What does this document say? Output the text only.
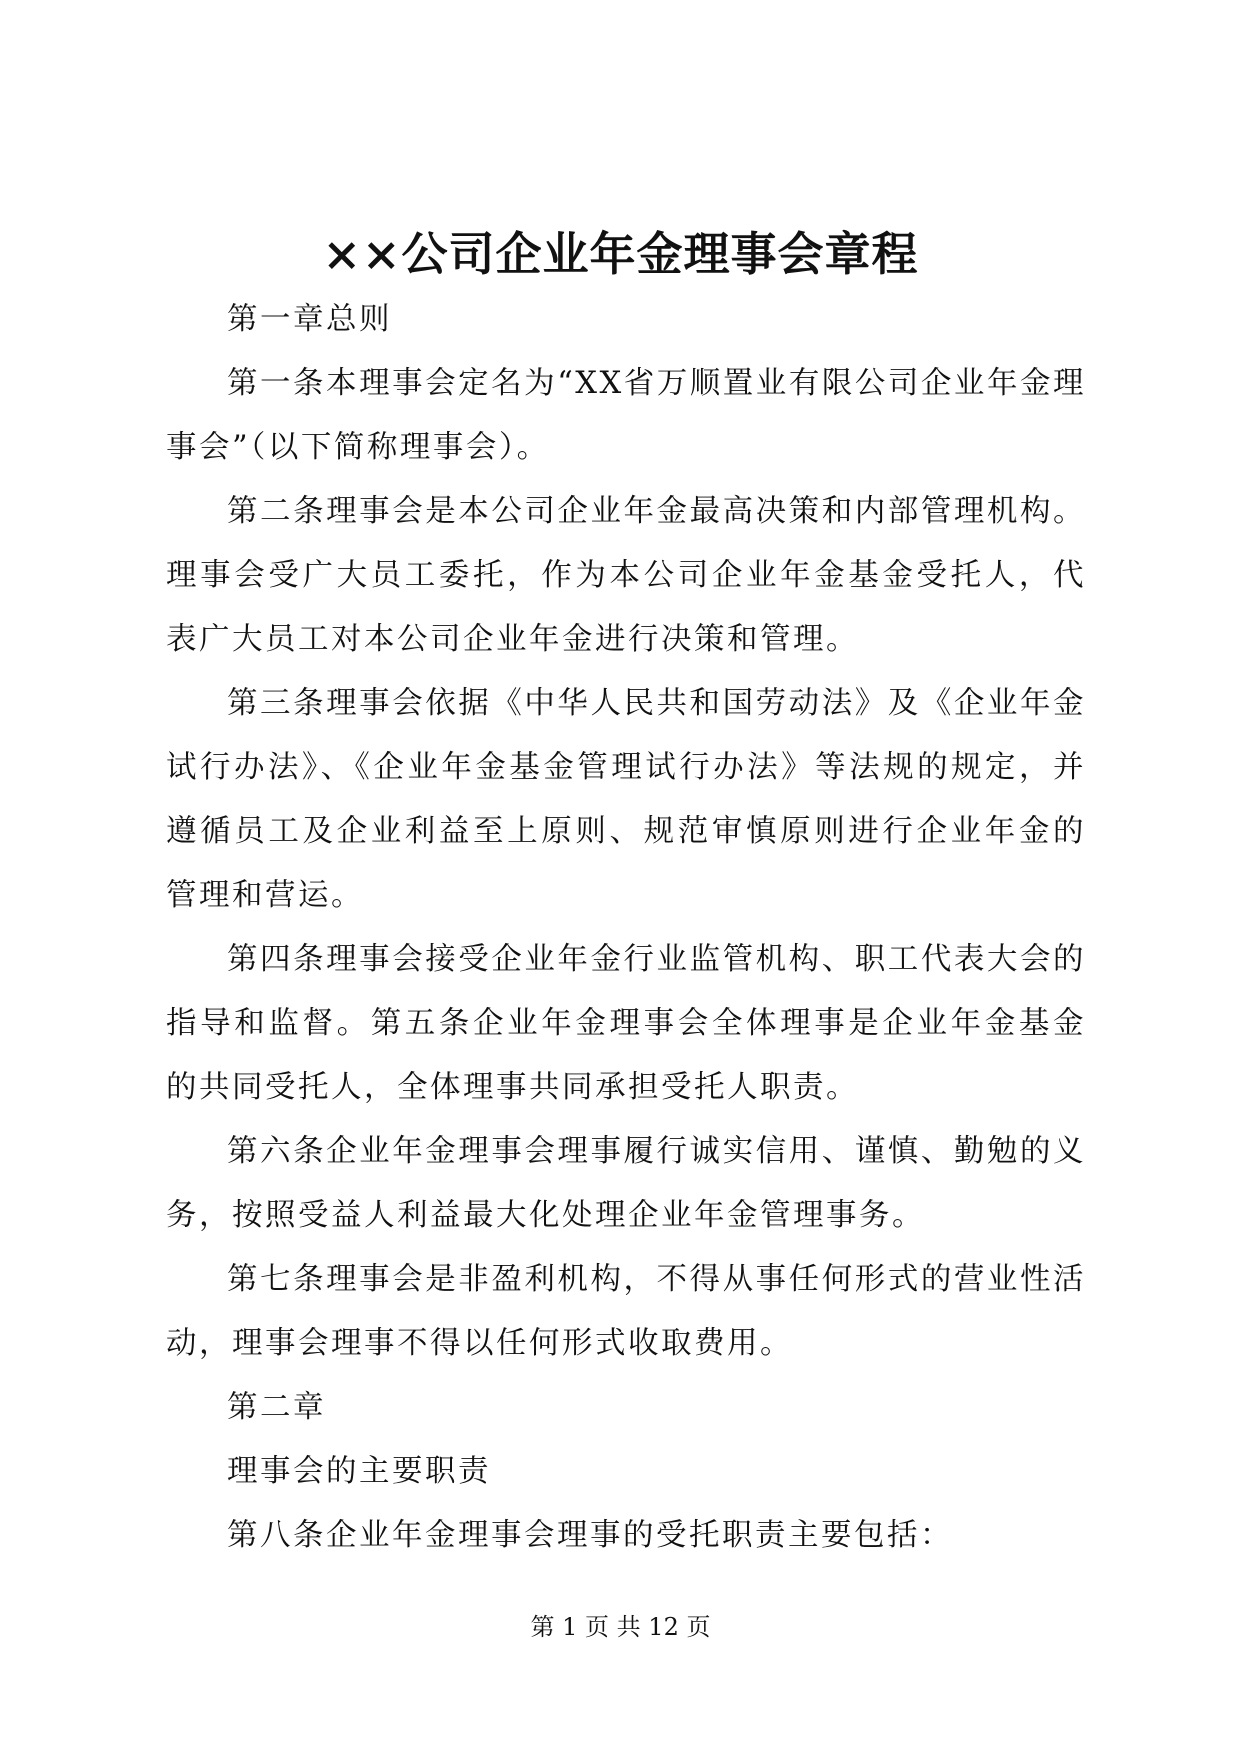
××公司企业年金理事会章程

第一章总则

第一条本理事会定名为“XX省万顺置业有限公司企业年金理事会”（以下简称理事会）。

第二条理事会是本公司企业年金最高决策和内部管理机构。理事会受广大员工委托，作为本公司企业年金基金受托人，代表广大员工对本公司企业年金进行决策和管理。

第三条理事会依据《中华人民共和国劳动法》及《企业年金试行办法》、《企业年金基金管理试行办法》等法规的规定，并遵循员工及企业利益至上原则、规范审慎原则进行企业年金的管理和营运。

第四条理事会接受企业年金行业监管机构、职工代表大会的指导和监督。第五条企业年金理事会全体理事是企业年金基金的共同受托人，全体理事共同承担受托人职责。

第六条企业年金理事会理事履行诚实信用、谨慎、勤勉的义务，按照受益人利益最大化处理企业年金管理事务。

第七条理事会是非盈利机构，不得从事任何形式的营业性活动，理事会理事不得以任何形式收取费用。

第二章

理事会的主要职责

第八条企业年金理事会理事的受托职责主要包括：

第 1 页 共 12 页
